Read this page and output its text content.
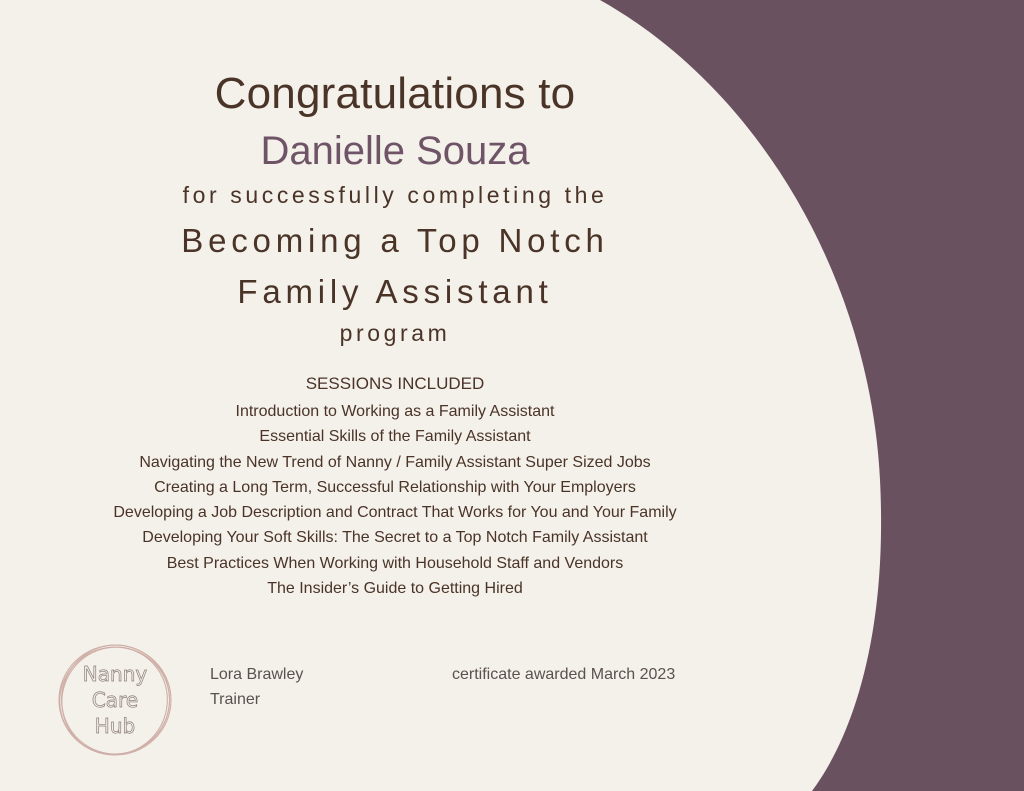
Congratulations to
Danielle Souza
for successfully completing the
Becoming a Top Notch
Family Assistant
program
SESSIONS INCLUDED
Introduction to Working as a Family Assistant
Essential Skills of the Family Assistant
Navigating the New Trend of Nanny / Family Assistant Super Sized Jobs
Creating a Long Term, Successful Relationship with Your Employers
Developing a Job Description and Contract That Works for You and Your Family
Developing Your Soft Skills: The Secret to a Top Notch Family Assistant
Best Practices When Working with Household Staff and Vendors
The Insider’s Guide to Getting Hired
Nanny
Care
Hub
Lora Brawley
Trainer
certificate awarded March 2023
